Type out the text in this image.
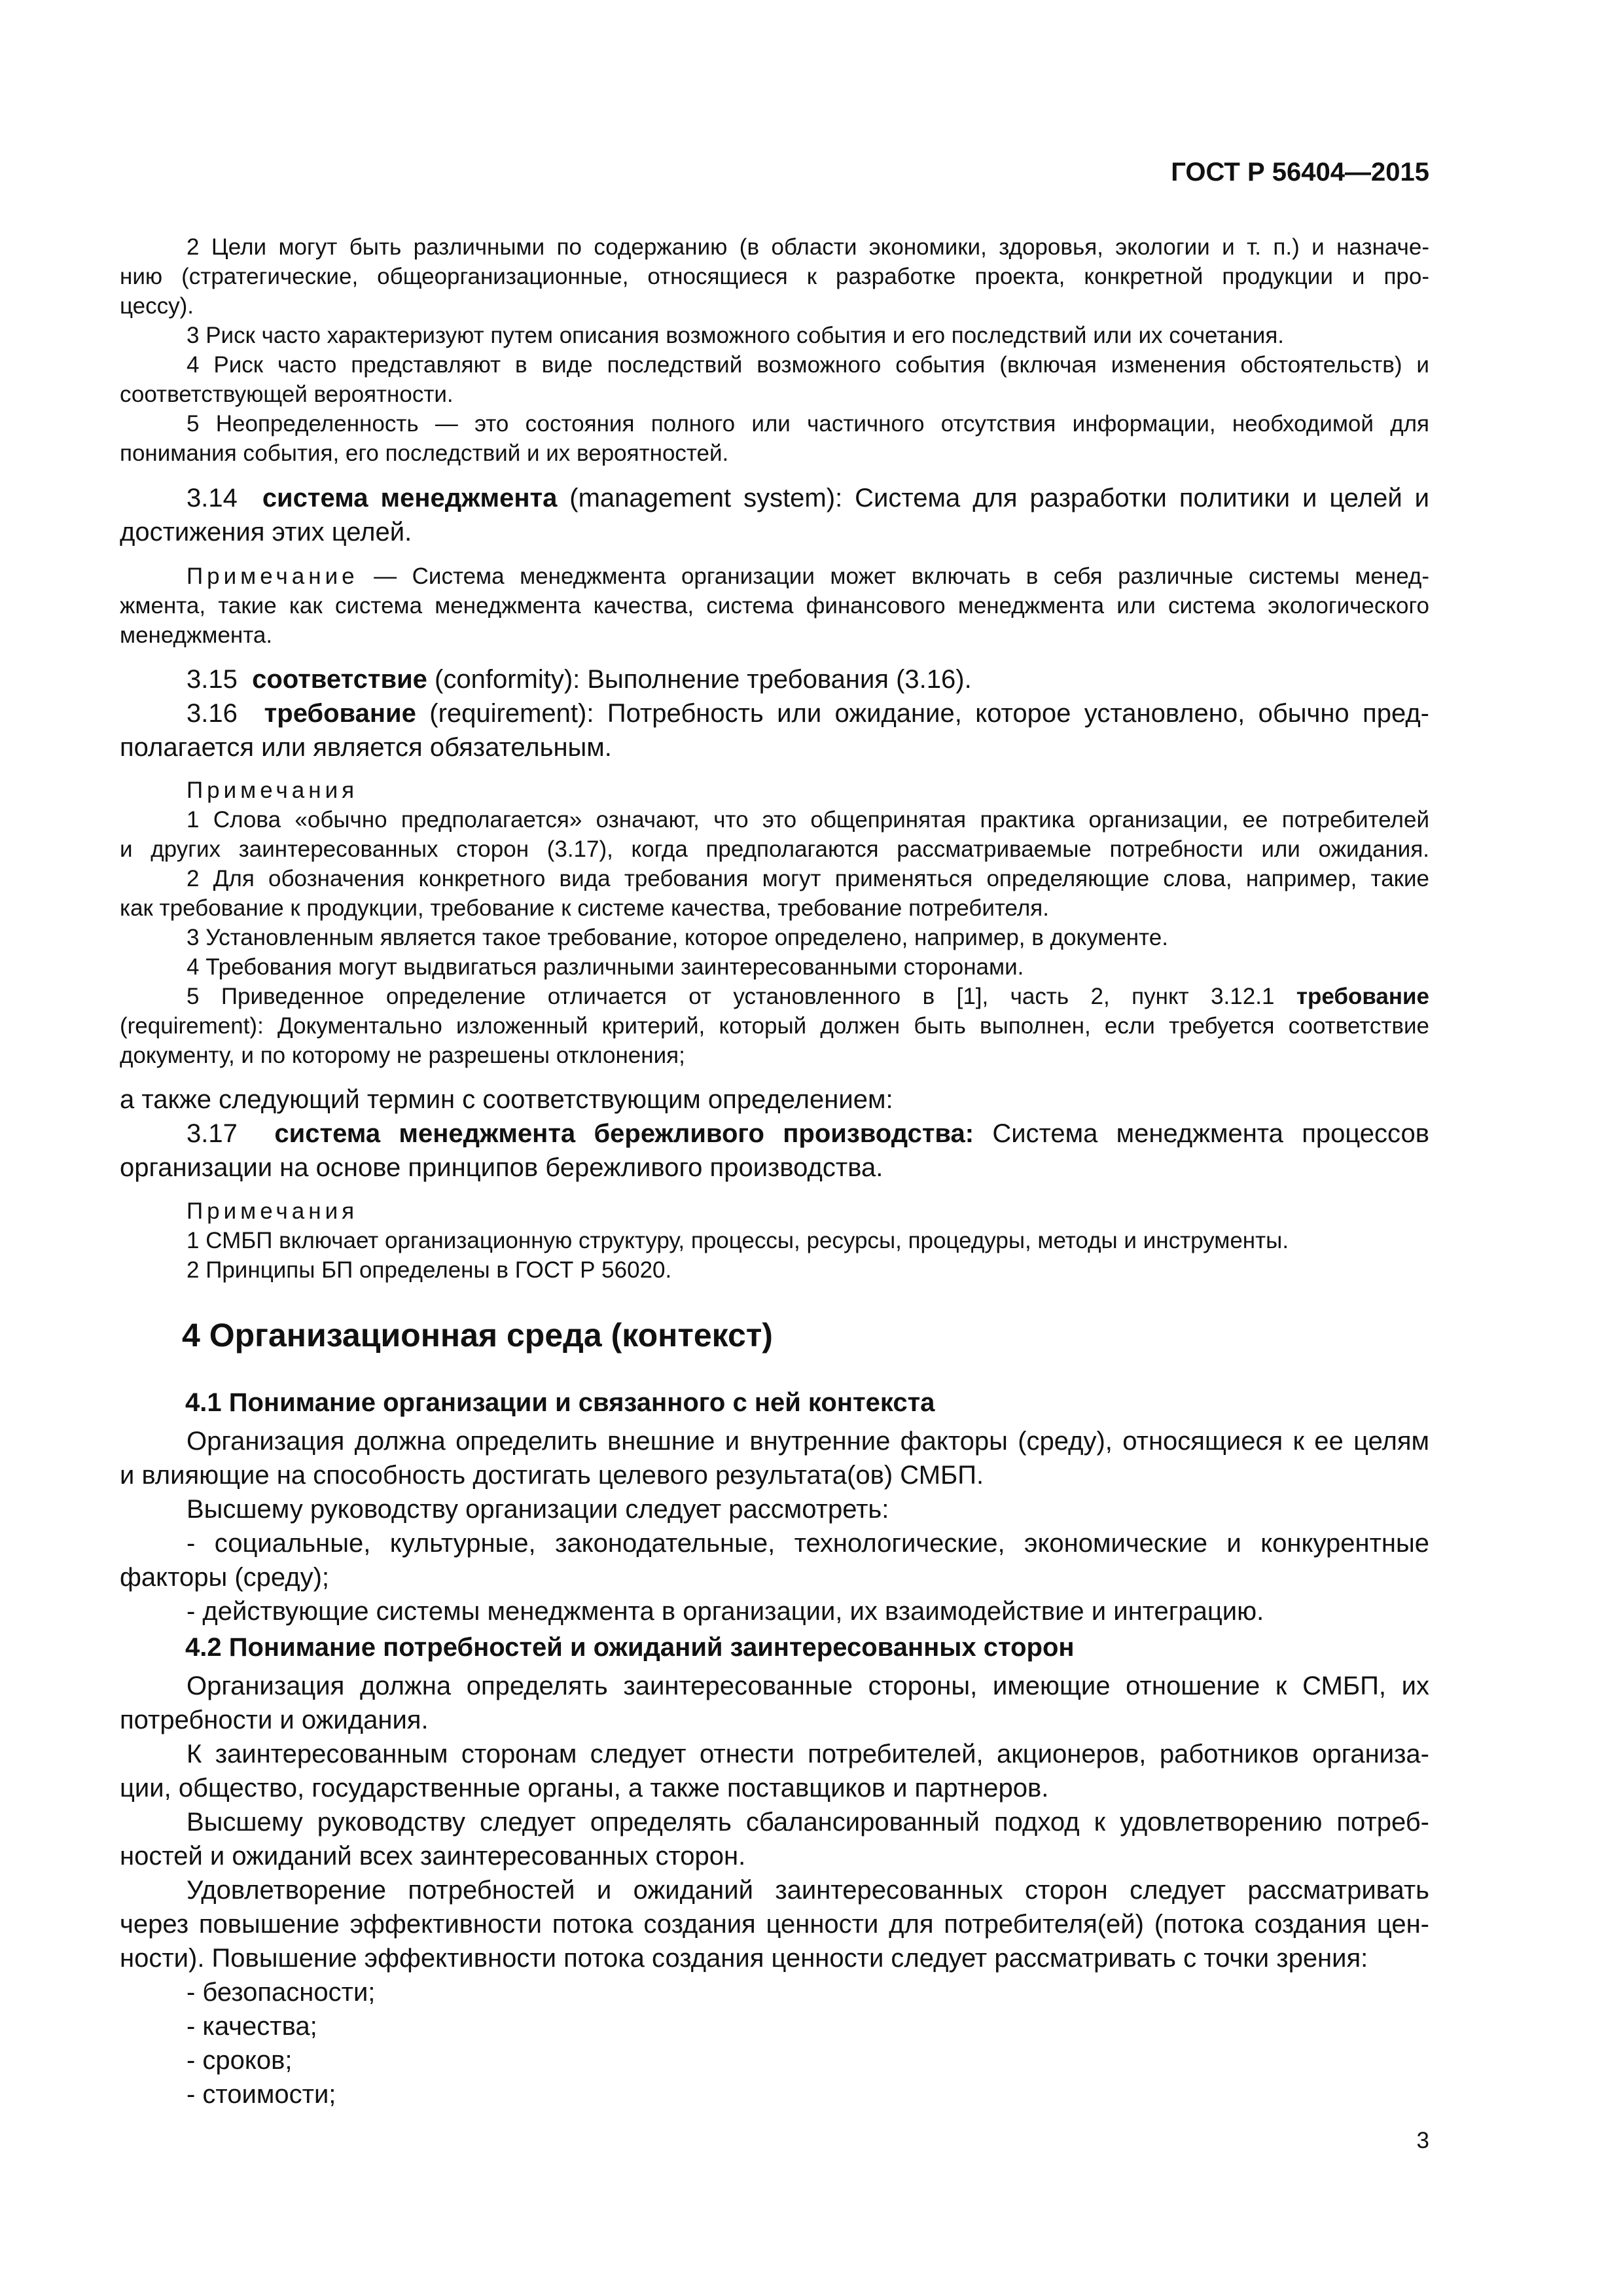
ГОСТ Р 56404—2015
2 Цели могут быть различными по содержанию (в области экономики, здоровья, экологии и т. п.) и назначе-
нию (стратегические, общеорганизационные, относящиеся к разработке проекта, конкретной продукции и про-
цессу).
3 Риск часто характеризуют путем описания возможного события и его последствий или их сочетания.
4 Риск часто представляют в виде последствий возможного события (включая изменения обстоятельств) и
соответствующей вероятности.
5 Неопределенность — это состояния полного или частичного отсутствия информации, необходимой для
понимания события, его последствий и их вероятностей.
3.14 система менеджмента (management system): Система для разработки политики и целей и
достижения этих целей.
Примечание — Система менеджмента организации может включать в себя различные системы менед-
жмента, такие как система менеджмента качества, система финансового менеджмента или система экологического
менеджмента.
3.15 соответствие (conformity): Выполнение требования (3.16).
3.16 требование (requirement): Потребность или ожидание, которое установлено, обычно пред-
полагается или является обязательным.
Примечания
1 Слова «обычно предполагается» означают, что это общепринятая практика организации, ее потребителей
и других заинтересованных сторон (3.17), когда предполагаются рассматриваемые потребности или ожидания.
2 Для обозначения конкретного вида требования могут применяться определяющие слова, например, такие
как требование к продукции, требование к системе качества, требование потребителя.
3 Установленным является такое требование, которое определено, например, в документе.
4 Требования могут выдвигаться различными заинтересованными сторонами.
5 Приведенное определение отличается от установленного в [1], часть 2, пункт 3.12.1 требование
(requirement): Документально изложенный критерий, который должен быть выполнен, если требуется соответствие
документу, и по которому не разрешены отклонения;
а также следующий термин с соответствующим определением:
3.17 система менеджмента бережливого производства: Система менеджмента процессов
организации на основе принципов бережливого производства.
Примечания
1 СМБП включает организационную структуру, процессы, ресурсы, процедуры, методы и инструменты.
2 Принципы БП определены в ГОСТ Р 56020.
4 Организационная среда (контекст)
4.1 Понимание организации и связанного с ней контекста
Организация должна определить внешние и внутренние факторы (среду), относящиеся к ее целям
и влияющие на способность достигать целевого результата(ов) СМБП.
Высшему руководству организации следует рассмотреть:
- социальные, культурные, законодательные, технологические, экономические и конкурентные
факторы (среду);
- действующие системы менеджмента в организации, их взаимодействие и интеграцию.
4.2 Понимание потребностей и ожиданий заинтересованных сторон
Организация должна определять заинтересованные стороны, имеющие отношение к СМБП, их
потребности и ожидания.
К заинтересованным сторонам следует отнести потребителей, акционеров, работников организа-
ции, общество, государственные органы, а также поставщиков и партнеров.
Высшему руководству следует определять сбалансированный подход к удовлетворению потреб-
ностей и ожиданий всех заинтересованных сторон.
Удовлетворение потребностей и ожиданий заинтересованных сторон следует рассматривать
через повышение эффективности потока создания ценности для потребителя(ей) (потока создания цен-
ности). Повышение эффективности потока создания ценности следует рассматривать с точки зрения:
- безопасности;
- качества;
- сроков;
- стоимости;
3
